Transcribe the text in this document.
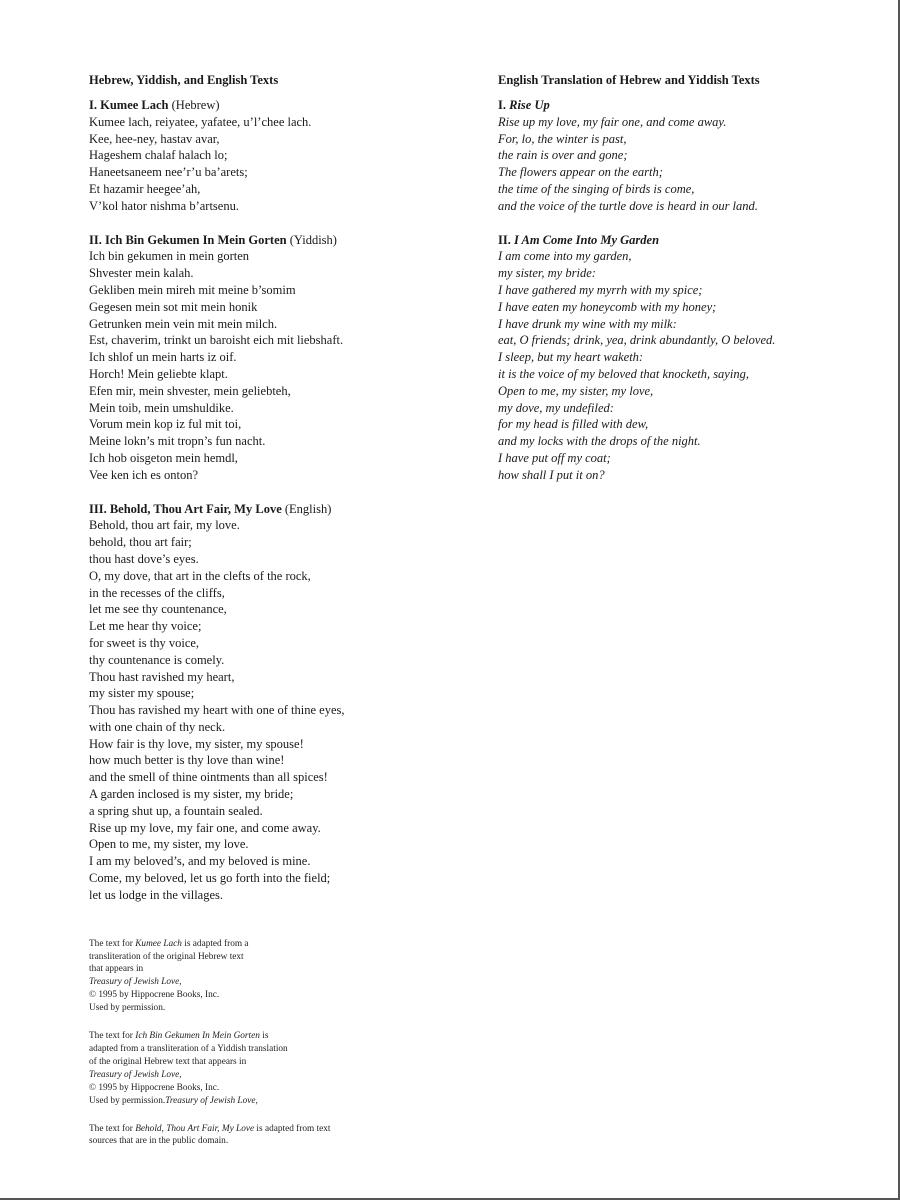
Hebrew, Yiddish, and English Texts
I. Kumee Lach (Hebrew)
Kumee lach, reiyatee, yafatee, u’l’chee lach.
Kee, hee-ney, hastav avar,
Hageshem chalaf halach lo;
Haneetsaneem nee’r’u ba’arets;
Et hazamir heegee’ah,
V’kol hator nishma b’artsenu.
II. Ich Bin Gekumen In Mein Gorten (Yiddish)
Ich bin gekumen in mein gorten
Shvester mein kalah.
Gekliben mein mireh mit meine b’somim
Gegesen mein sot mit mein honik
Getrunken mein vein mit mein milch.
Est, chaverim, trinkt un baroisht eich mit liebshaft.
Ich shlof un mein harts iz oif.
Horch! Mein geliebte klapt.
Efen mir, mein shvester, mein geliebteh,
Mein toib, mein umshuldike.
Vorum mein kop iz ful mit toi,
Meine lokn’s mit tropn’s fun nacht.
Ich hob oisgeton mein hemdl,
Vee ken ich es onton?
III. Behold, Thou Art Fair, My Love (English)
Behold, thou art fair, my love.
behold, thou art fair;
thou hast dove’s eyes.
O, my dove, that art in the clefts of the rock,
in the recesses of the cliffs,
let me see thy countenance,
Let me hear thy voice;
for sweet is thy voice,
thy countenance is comely.
Thou hast ravished my heart,
my sister my spouse;
Thou has ravished my heart with one of thine eyes,
with one chain of thy neck.
How fair is thy love, my sister, my spouse!
how much better is thy love than wine!
and the smell of thine ointments than all spices!
A garden inclosed is my sister, my bride;
a spring shut up, a fountain sealed.
Rise up my love, my fair one, and come away.
Open to me, my sister, my love.
I am my beloved’s, and my beloved is mine.
Come, my beloved, let us go forth into the field;
let us lodge in the villages.
The text for Kumee Lach is adapted from a
transliteration of the original Hebrew text
that appears in
Treasury of Jewish Love,
© 1995 by Hippocrene Books, Inc.
Used by permission.
The text for Ich Bin Gekumen In Mein Gorten is
adapted from a transliteration of a Yiddish translation
of the original Hebrew text that appears in
Treasury of Jewish Love,
© 1995 by Hippocrene Books, Inc.
Used by permission.Treasury of Jewish Love,
The text for Behold, Thou Art Fair, My Love is adapted from text
sources that are in the public domain.
English Translation of Hebrew and Yiddish Texts
I. Rise Up
Rise up my love, my fair one, and come away.
For, lo, the winter is past,
the rain is over and gone;
The flowers appear on the earth;
the time of the singing of birds is come,
and the voice of the turtle dove is heard in our land.
II. I Am Come Into My Garden
I am come into my garden,
my sister, my bride:
I have gathered my myrrh with my spice;
I have eaten my honeycomb with my honey;
I have drunk my wine with my milk:
eat, O friends; drink, yea, drink abundantly, O beloved.
I sleep, but my heart waketh:
it is the voice of my beloved that knocketh, saying,
Open to me, my sister, my love,
my dove, my undefiled:
for my head is filled with dew,
and my locks with the drops of the night.
I have put off my coat;
how shall I put it on?
